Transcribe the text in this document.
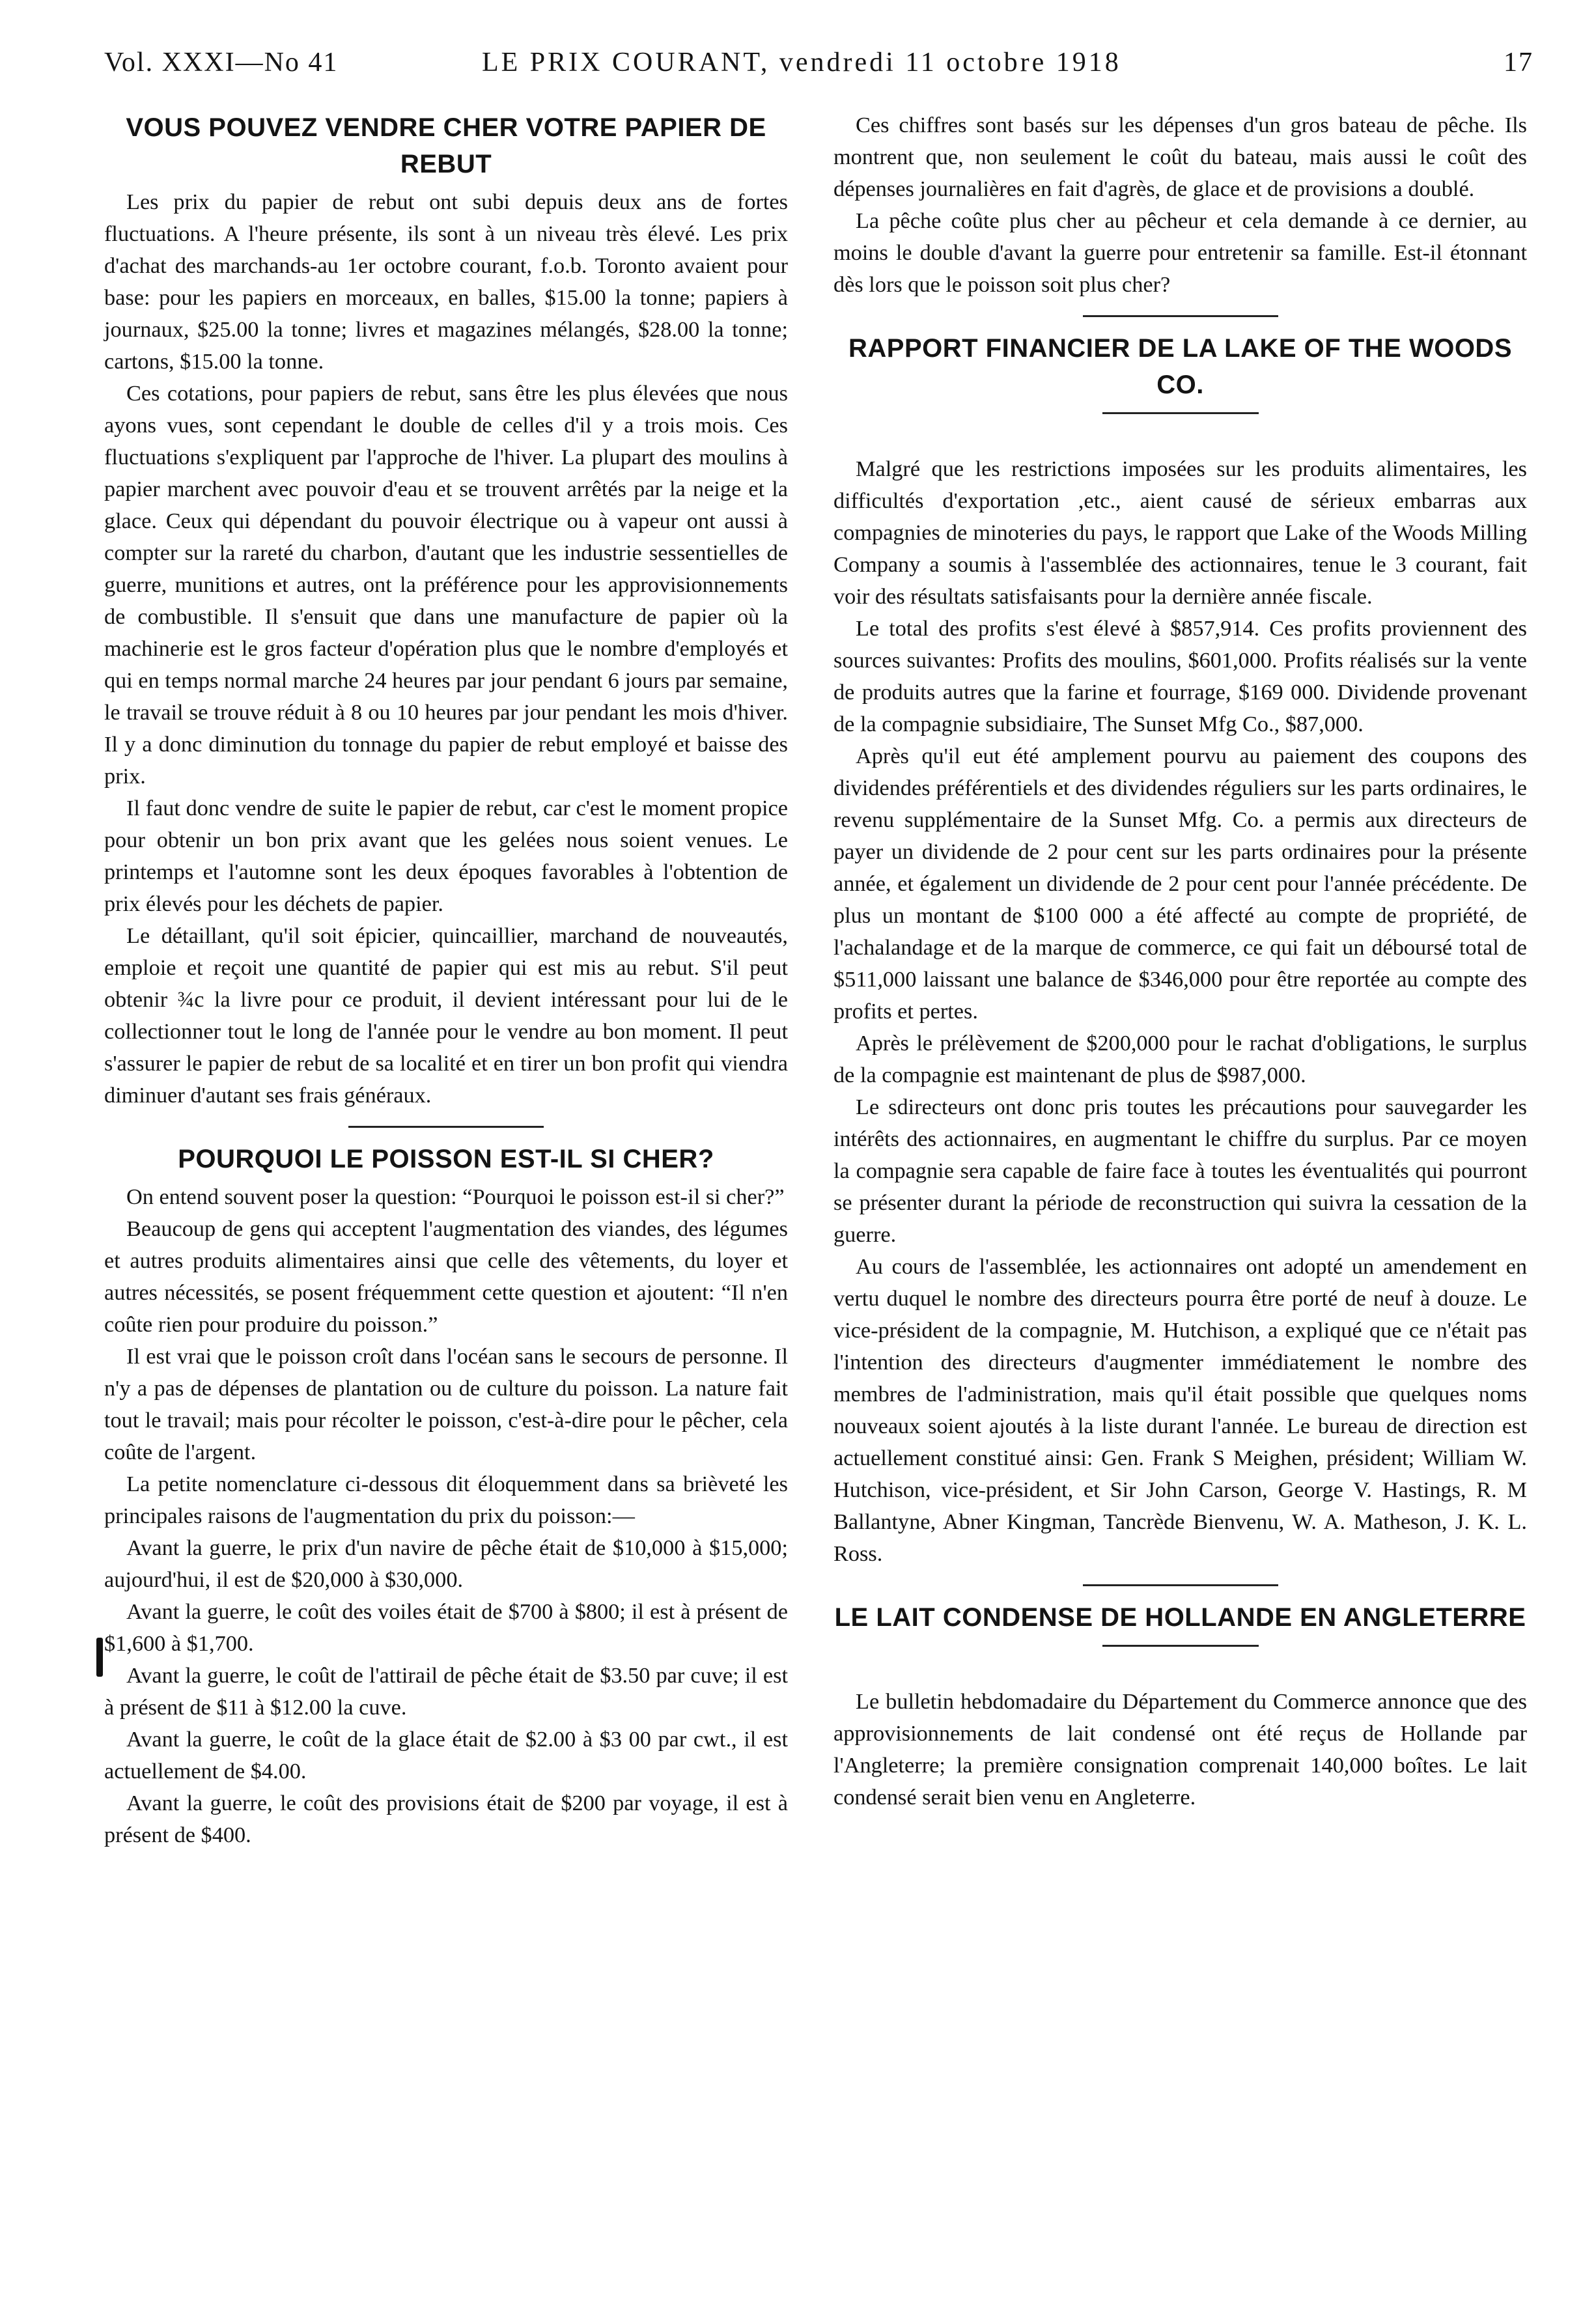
Vol. XXXI—No 41	LE PRIX COURANT, vendredi 11 octobre 1918	17
VOUS POUVEZ VENDRE CHER VOTRE PAPIER DE REBUT

Les prix du papier de rebut ont subi depuis deux ans de fortes fluctuations. A l'heure présente, ils sont à un niveau très élevé. Les prix d'achat des marchands-au 1er octobre courant, f.o.b. Toronto avaient pour base: pour les papiers en morceaux, en balles, $15.00 la tonne; papiers à journaux, $25.00 la tonne; livres et magazines mélangés, $28.00 la tonne; cartons, $15.00 la tonne.

Ces cotations, pour papiers de rebut, sans être les plus élevées que nous ayons vues, sont cependant le double de celles d'il y a trois mois. Ces fluctuations s'expliquent par l'approche de l'hiver. La plupart des moulins à papier marchent avec pouvoir d'eau et se trouvent arrêtés par la neige et la glace. Ceux qui dépendant du pouvoir électrique ou à vapeur ont aussi à compter sur la rareté du charbon, d'autant que les industrie sessentielles de guerre, munitions et autres, ont la préférence pour les approvisionnements de combustible. Il s'ensuit que dans une manufacture de papier où la machinerie est le gros facteur d'opération plus que le nombre d'employés et qui en temps normal marche 24 heures par jour pendant 6 jours par semaine, le travail se trouve réduit à 8 ou 10 heures par jour pendant les mois d'hiver. Il y a donc diminution du tonnage du papier de rebut employé et baisse des prix.

Il faut donc vendre de suite le papier de rebut, car c'est le moment propice pour obtenir un bon prix avant que les gelées nous soient venues. Le printemps et l'automne sont les deux époques favorables à l'obtention de prix élevés pour les déchets de papier.

Le détaillant, qu'il soit épicier, quincaillier, marchand de nouveautés, emploie et reçoit une quantité de papier qui est mis au rebut. S'il peut obtenir ¾c la livre pour ce produit, il devient intéressant pour lui de le collectionner tout le long de l'année pour le vendre au bon moment. Il peut s'assurer le papier de rebut de sa localité et en tirer un bon profit qui viendra diminuer d'autant ses frais généraux.

POURQUOI LE POISSON EST-IL SI CHER?

On entend souvent poser la question: “Pourquoi le poisson est-il si cher?”

Beaucoup de gens qui acceptent l'augmentation des viandes, des légumes et autres produits alimentaires ainsi que celle des vêtements, du loyer et autres nécessités, se posent fréquemment cette question et ajoutent: “Il n'en coûte rien pour produire du poisson.”

Il est vrai que le poisson croît dans l'océan sans le secours de personne. Il n'y a pas de dépenses de plantation ou de culture du poisson. La nature fait tout le travail; mais pour récolter le poisson, c'est-à-dire pour le pêcher, cela coûte de l'argent.

La petite nomenclature ci-dessous dit éloquemment dans sa brièveté les principales raisons de l'augmentation du prix du poisson:—

Avant la guerre, le prix d'un navire de pêche était de $10,000 à $15,000; aujourd'hui, il est de $20,000 à $30,000.

Avant la guerre, le coût des voiles était de $700 à $800; il est à présent de $1,600 à $1,700.

Avant la guerre, le coût de l'attirail de pêche était de $3.50 par cuve; il est à présent de $11 à $12.00 la cuve.

Avant la guerre, le coût de la glace était de $2.00 à $3 00 par cwt., il est actuellement de $4.00.

Avant la guerre, le coût des provisions était de $200 par voyage, il est à présent de $400.

Ces chiffres sont basés sur les dépenses d'un gros bateau de pêche. Ils montrent que, non seulement le coût du bateau, mais aussi le coût des dépenses journalières en fait d'agrès, de glace et de provisions a doublé.

La pêche coûte plus cher au pêcheur et cela demande à ce dernier, au moins le double d'avant la guerre pour entretenir sa famille. Est-il étonnant dès lors que le poisson soit plus cher?

RAPPORT FINANCIER DE LA LAKE OF THE WOODS CO.

Malgré que les restrictions imposées sur les produits alimentaires, les difficultés d'exportation ,etc., aient causé de sérieux embarras aux compagnies de minoteries du pays, le rapport que Lake of the Woods Milling Company a soumis à l'assemblée des actionnaires, tenue le 3 courant, fait voir des résultats satisfaisants pour la dernière année fiscale.

Le total des profits s'est élevé à $857,914. Ces profits proviennent des sources suivantes: Profits des moulins, $601,000. Profits réalisés sur la vente de produits autres que la farine et fourrage, $169 000. Dividende provenant de la compagnie subsidiaire, The Sunset Mfg Co., $87,000.

Après qu'il eut été amplement pourvu au paiement des coupons des dividendes préférentiels et des dividendes réguliers sur les parts ordinaires, le revenu supplémentaire de la Sunset Mfg. Co. a permis aux directeurs de payer un dividende de 2 pour cent sur les parts ordinaires pour la présente année, et également un dividende de 2 pour cent pour l'année précédente. De plus un montant de $100 000 a été affecté au compte de propriété, de l'achalandage et de la marque de commerce, ce qui fait un déboursé total de $511,000 laissant une balance de $346,000 pour être reportée au compte des profits et pertes.

Après le prélèvement de $200,000 pour le rachat d'obligations, le surplus de la compagnie est maintenant de plus de $987,000.

Le sdirecteurs ont donc pris toutes les précautions pour sauvegarder les intérêts des actionnaires, en augmentant le chiffre du surplus. Par ce moyen la compagnie sera capable de faire face à toutes les éventualités qui pourront se présenter durant la période de reconstruction qui suivra la cessation de la guerre.

Au cours de l'assemblée, les actionnaires ont adopté un amendement en vertu duquel le nombre des directeurs pourra être porté de neuf à douze. Le vice-président de la compagnie, M. Hutchison, a expliqué que ce n'était pas l'intention des directeurs d'augmenter immédiatement le nombre des membres de l'administration, mais qu'il était possible que quelques noms nouveaux soient ajoutés à la liste durant l'année. Le bureau de direction est actuellement constitué ainsi: Gen. Frank S Meighen, président; William W. Hutchison, vice-président, et Sir John Carson, George V. Hastings, R. M Ballantyne, Abner Kingman, Tancrède Bienvenu, W. A. Matheson, J. K. L. Ross.

LE LAIT CONDENSE DE HOLLANDE EN ANGLETERRE

Le bulletin hebdomadaire du Département du Commerce annonce que des approvisionnements de lait condensé ont été reçus de Hollande par l'Angleterre; la première consignation comprenait 140,000 boîtes. Le lait condensé serait bien venu en Angleterre.
